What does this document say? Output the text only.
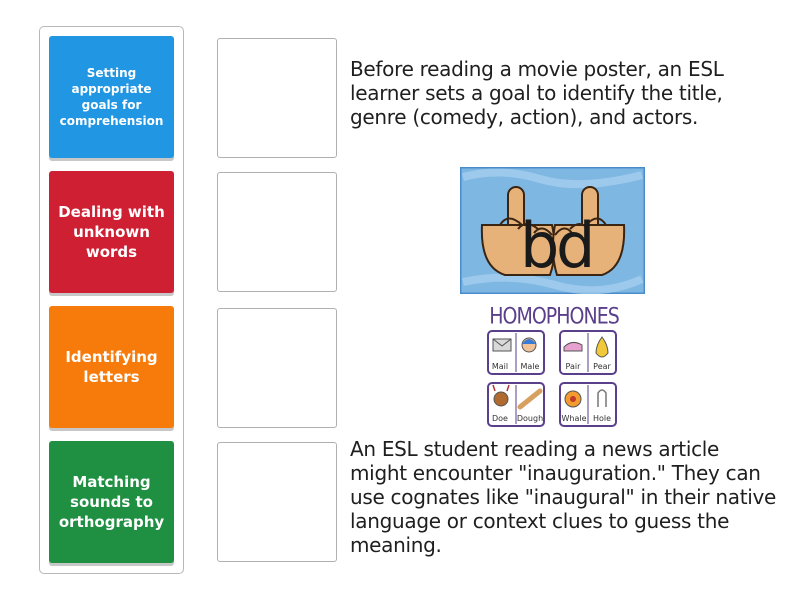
Setting
appropriate
goals for
comprehension
Dealing with
unknown
words
Identifying
letters
Matching
sounds to
orthography
Before reading a movie poster, an ESL learner sets a goal to identify the title, genre (comedy, action), and actors.
b
d
HOMOPHONES
Mail Male	Pair Pear
Doe Dough Whale Hole
An ESL student reading a news article might encounter "inauguration." They can use cognates like "inaugural" in their native language or context clues to guess the meaning.
